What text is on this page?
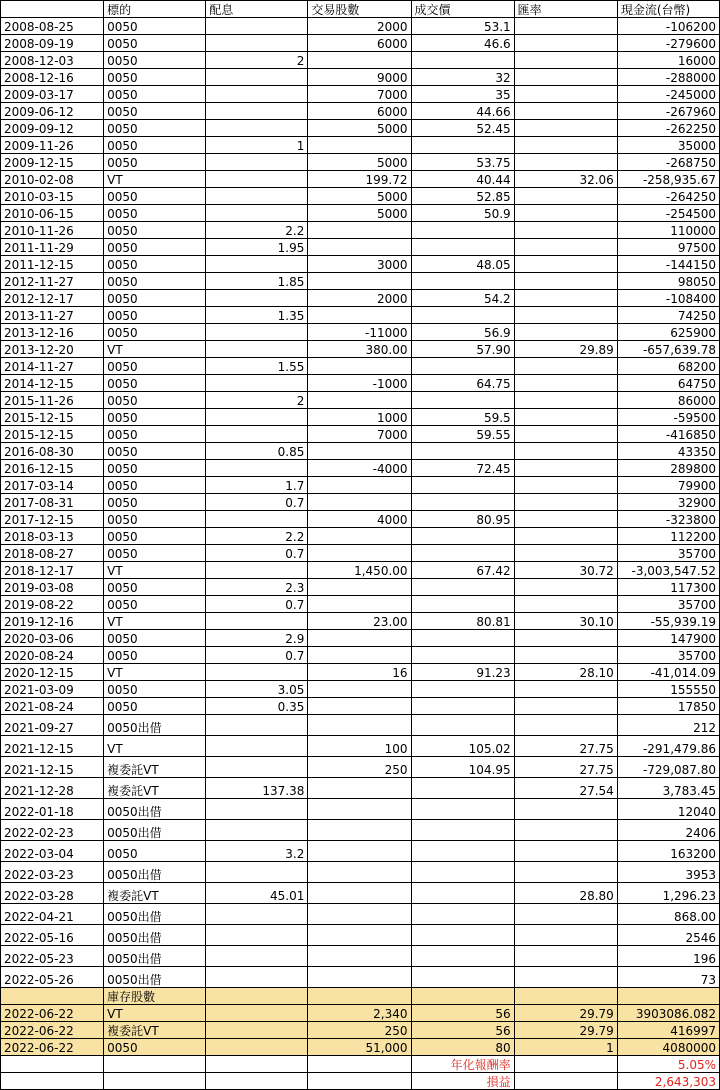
	標的	配息	交易股數	成交價	匯率	現金流(台幣)
2008-08-25	0050		2000	53.1		-106200
2008-09-19	0050		6000	46.6		-279600
2008-12-03	0050	2				16000
2008-12-16	0050		9000	32		-288000
2009-03-17	0050		7000	35		-245000
2009-06-12	0050		6000	44.66		-267960
2009-09-12	0050		5000	52.45		-262250
2009-11-26	0050	1				35000
2009-12-15	0050		5000	53.75		-268750
2010-02-08	VT		199.72	40.44	32.06	-258,935.67
2010-03-15	0050		5000	52.85		-264250
2010-06-15	0050		5000	50.9		-254500
2010-11-26	0050	2.2				110000
2011-11-29	0050	1.95				97500
2011-12-15	0050		3000	48.05		-144150
2012-11-27	0050	1.85				98050
2012-12-17	0050		2000	54.2		-108400
2013-11-27	0050	1.35				74250
2013-12-16	0050		-11000	56.9		625900
2013-12-20	VT		380.00	57.90	29.89	-657,639.78
2014-11-27	0050	1.55				68200
2014-12-15	0050		-1000	64.75		64750
2015-11-26	0050	2				86000
2015-12-15	0050		1000	59.5		-59500
2015-12-15	0050		7000	59.55		-416850
2016-08-30	0050	0.85				43350
2016-12-15	0050		-4000	72.45		289800
2017-03-14	0050	1.7				79900
2017-08-31	0050	0.7				32900
2017-12-15	0050		4000	80.95		-323800
2018-03-13	0050	2.2				112200
2018-08-27	0050	0.7				35700
2018-12-17	VT		1,450.00	67.42	30.72	-3,003,547.52
2019-03-08	0050	2.3				117300
2019-08-22	0050	0.7				35700
2019-12-16	VT		23.00	80.81	30.10	-55,939.19
2020-03-06	0050	2.9				147900
2020-08-24	0050	0.7				35700
2020-12-15	VT		16	91.23	28.10	-41,014.09
2021-03-09	0050	3.05				155550
2021-08-24	0050	0.35				17850
2021-09-27	0050出借					212
2021-12-15	VT		100	105.02	27.75	-291,479.86
2021-12-15	複委託VT		250	104.95	27.75	-729,087.80
2021-12-28	複委託VT	137.38			27.54	3,783.45
2022-01-18	0050出借					12040
2022-02-23	0050出借					2406
2022-03-04	0050	3.2				163200
2022-03-23	0050出借					3953
2022-03-28	複委託VT	45.01			28.80	1,296.23
2022-04-21	0050出借					868.00
2022-05-16	0050出借					2546
2022-05-23	0050出借					196
2022-05-26	0050出借					73
	庫存股數					
2022-06-22	VT		2,340	56	29.79	3903086.082
2022-06-22	複委託VT		250	56	29.79	416997
2022-06-22	0050		51,000	80	1	4080000
				年化報酬率		5.05%
				損益		2,643,303
